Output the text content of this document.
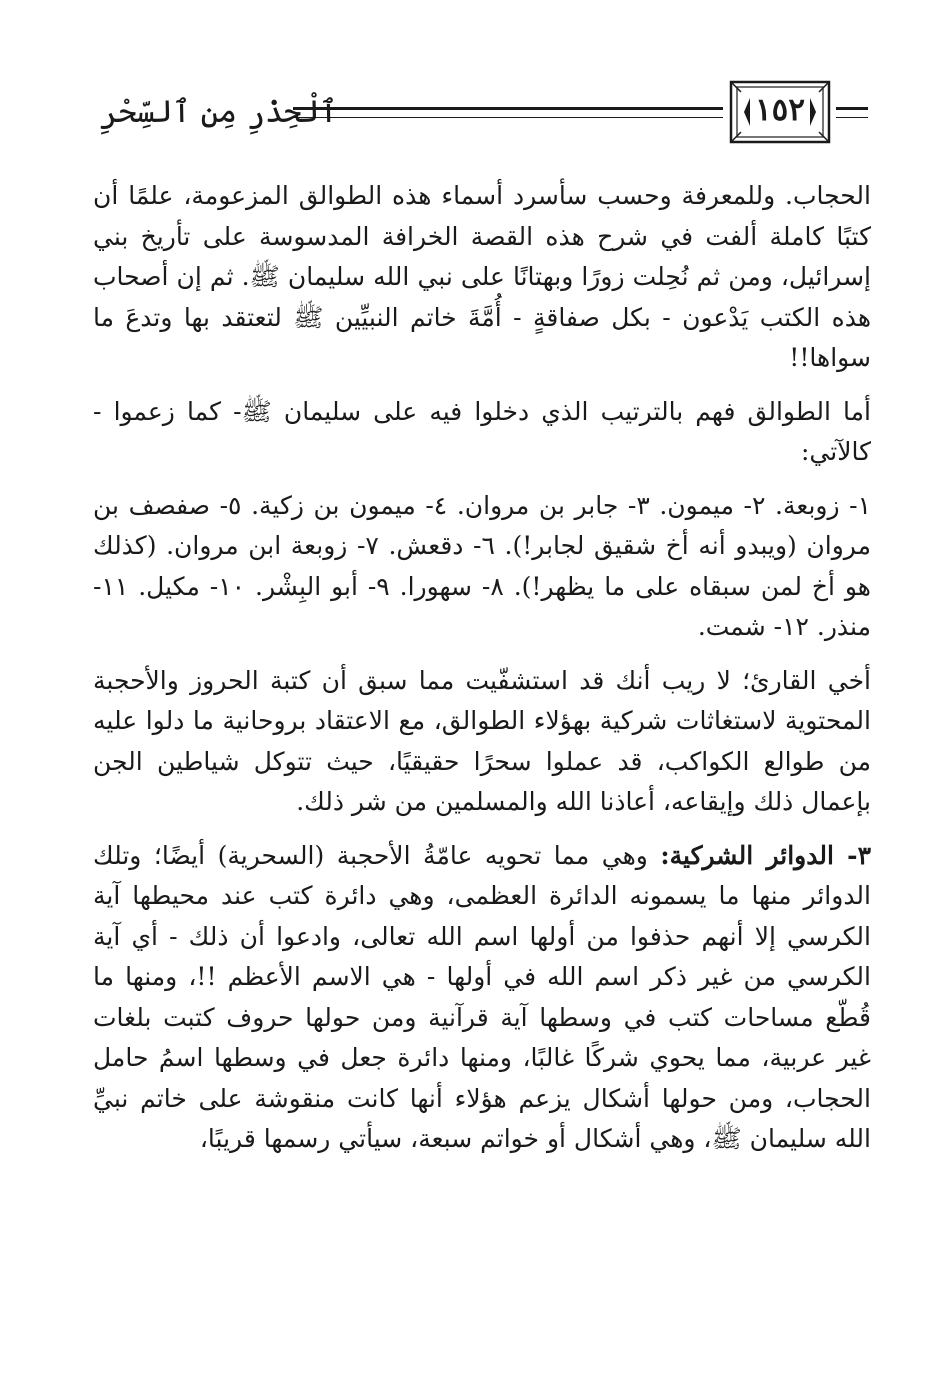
ٱلْحِذْرِ مِن ٱلسِّحْرِ	١٥٢

الحجاب. وللمعرفة وحسب سأسرد أسماء هذه الطوالق المزعومة، علمًا أن كتبًا كاملة ألفت في شرح هذه القصة الخرافة المدسوسة على تأريخ بني إسرائيل، ومن ثم نُحِلت زورًا وبهتانًا على نبي الله سليمان ﷺ. ثم إن أصحاب هذه الكتب يَدْعون - بكل صفاقةٍ - أُمَّةَ خاتم النبيِّين ﷺ لتعتقد بها وتدعَ ما سواها!!

أما الطوالق فهم بالترتيب الذي دخلوا فيه على سليمان ﷺ- كما زعموا - كالآتي:

١- زوبعة. ٢- ميمون. ٣- جابر بن مروان. ٤- ميمون بن زكية. ٥- صفصف بن مروان (ويبدو أنه أخ شقيق لجابر!). ٦- دقعش. ٧- زوبعة ابن مروان. (كذلك هو أخ لمن سبقاه على ما يظهر!). ٨- سهورا. ٩- أبو البِشْر. ١٠- مكيل. ١١- منذر. ١٢- شمت.

أخي القارئ؛ لا ريب أنك قد استشفّيت مما سبق أن كتبة الحروز والأحجبة المحتوية لاستغاثات شركية بهؤلاء الطوالق، مع الاعتقاد بروحانية ما دلوا عليه من طوالع الكواكب، قد عملوا سحرًا حقيقيًا، حيث تتوكل شياطين الجن بإعمال ذلك وإيقاعه، أعاذنا الله والمسلمين من شر ذلك.

٣- الدوائر الشركية: وهي مما تحويه عامّةُ الأحجبة (السحرية) أيضًا؛ وتلك الدوائر منها ما يسمونه الدائرة العظمى، وهي دائرة كتب عند محيطها آية الكرسي إلا أنهم حذفوا من أولها اسم الله تعالى، وادعوا أن ذلك - أي آية الكرسي من غير ذكر اسم الله في أولها - هي الاسم الأعظم !!، ومنها ما قُطّع مساحات كتب في وسطها آية قرآنية ومن حولها حروف كتبت بلغات غير عربية، مما يحوي شركًا غالبًا، ومنها دائرة جعل في وسطها اسمُ حامل الحجاب، ومن حولها أشكال يزعم هؤلاء أنها كانت منقوشة على خاتم نبيِّ الله سليمان ﷺ، وهي أشكال أو خواتم سبعة، سيأتي رسمها قريبًا،
